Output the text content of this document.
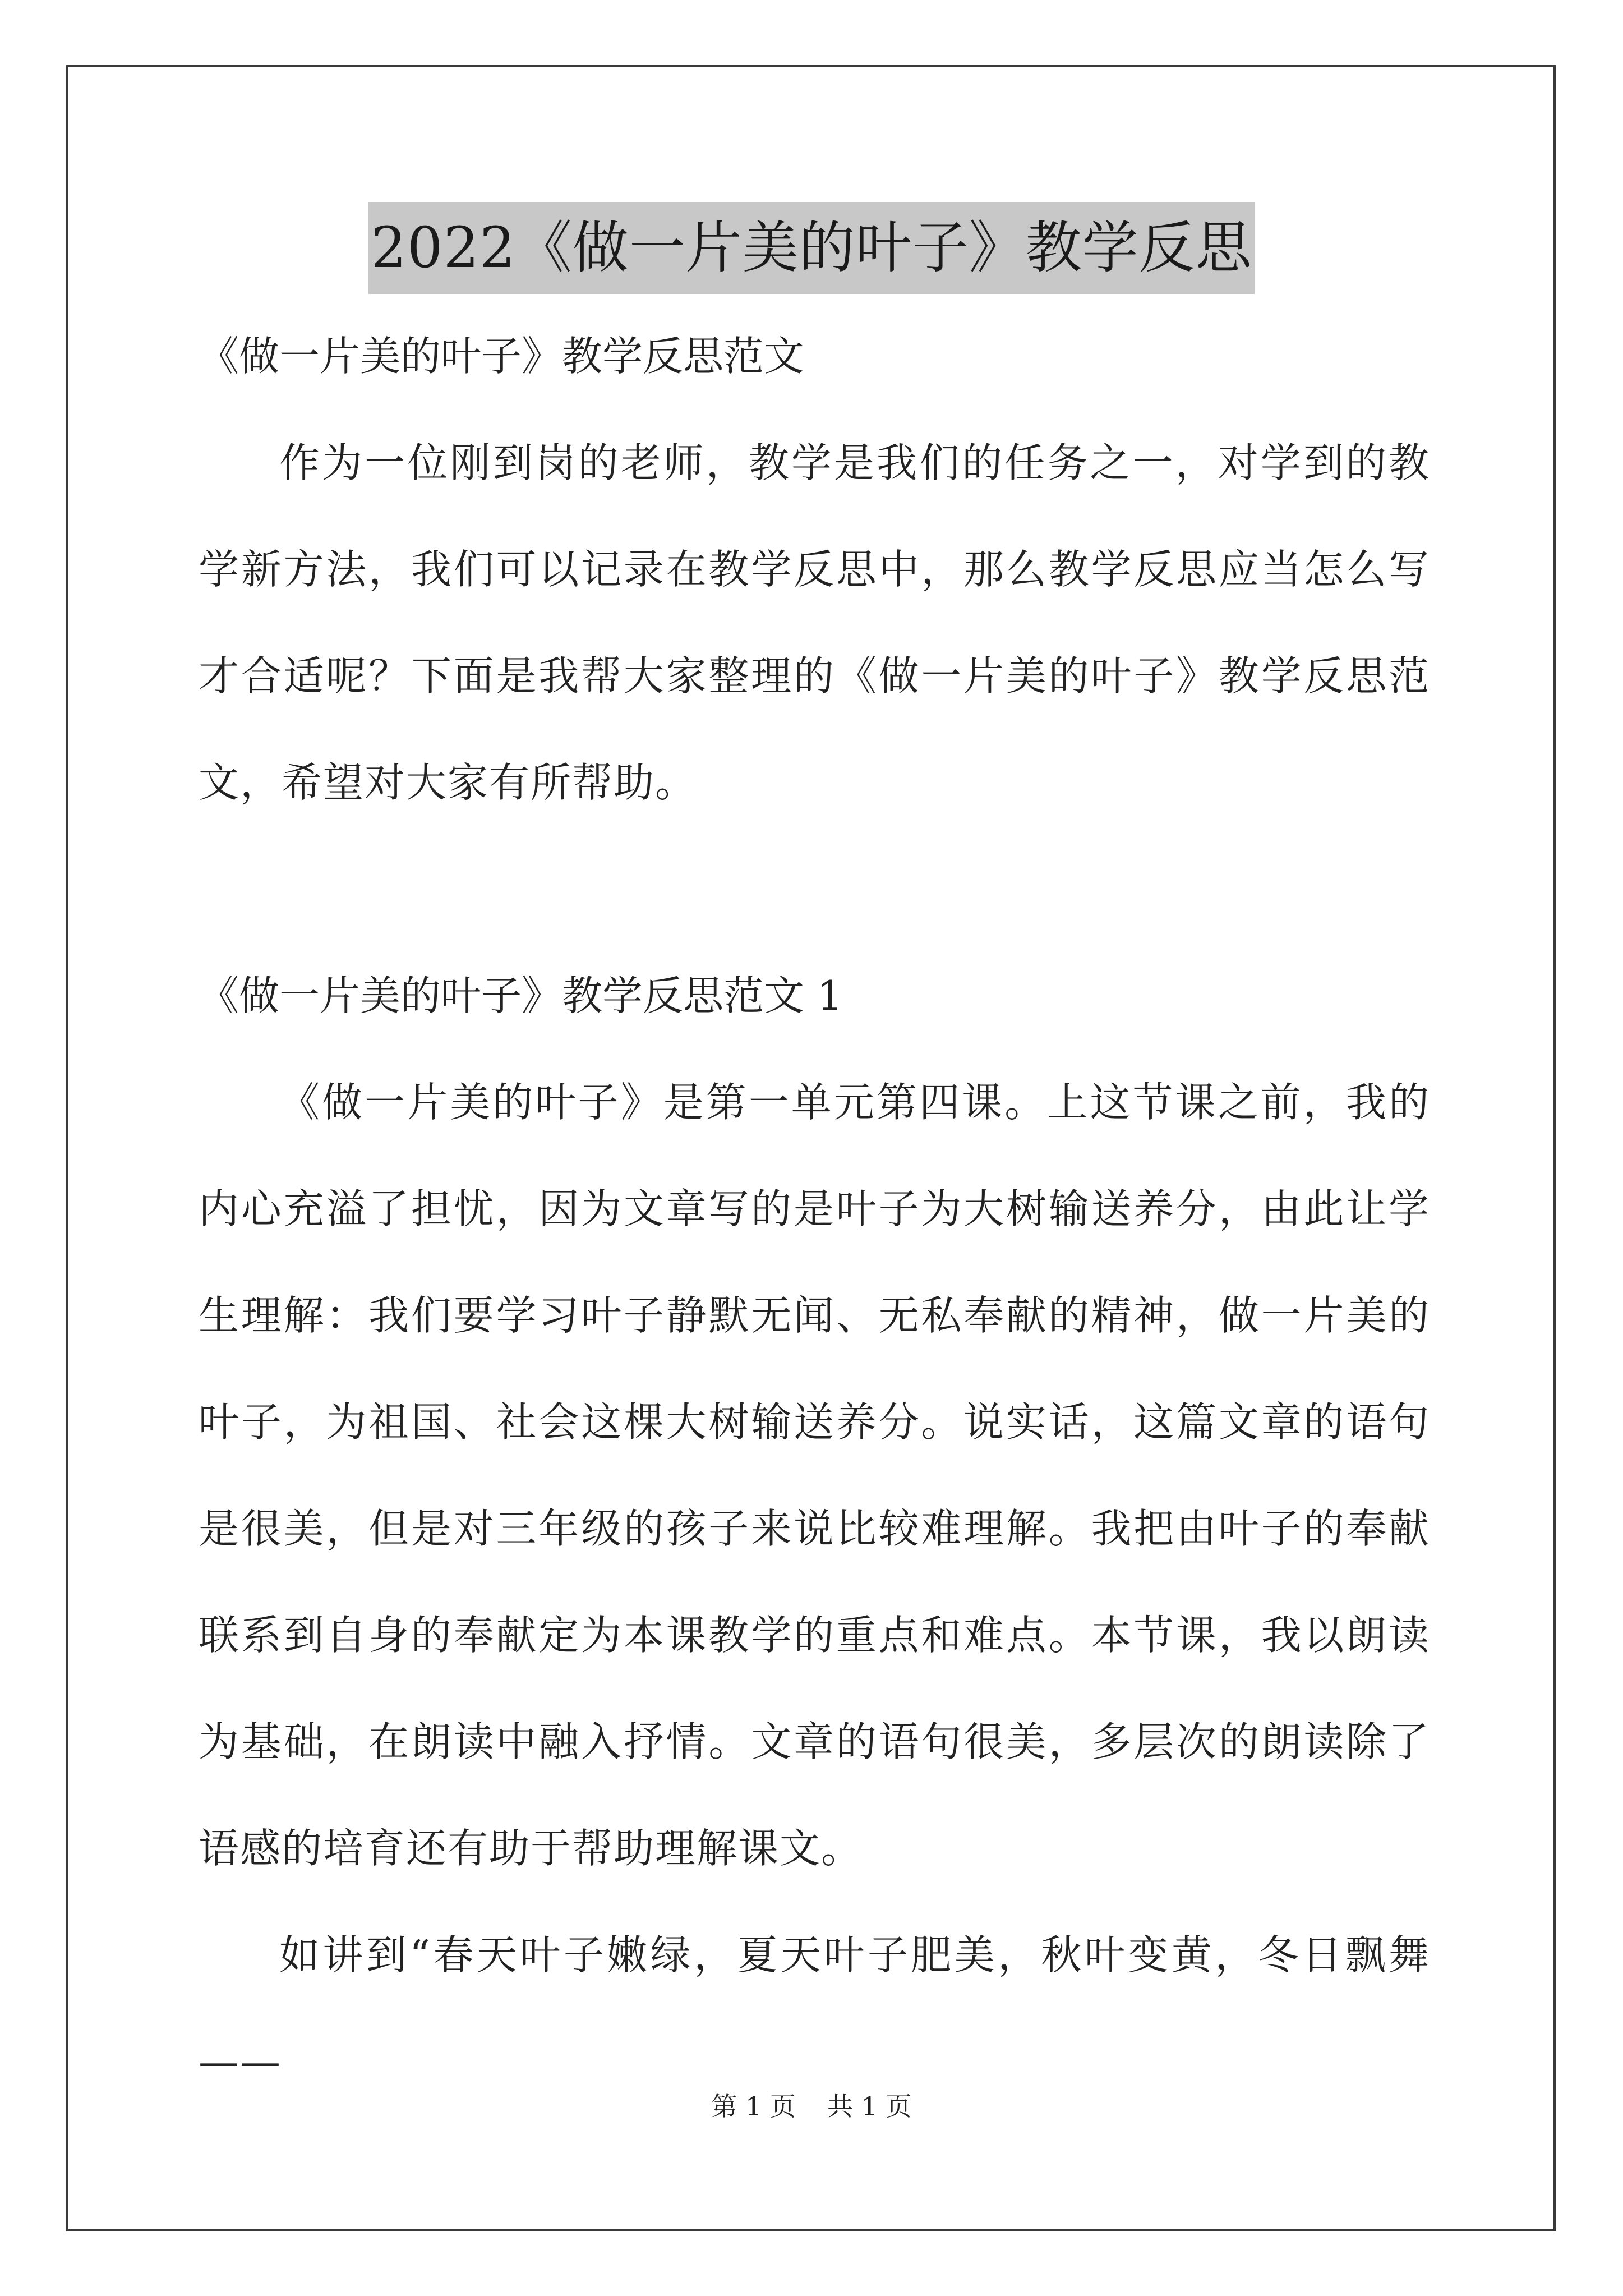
2022《做一片美的叶子》教学反思

《做一片美的叶子》教学反思范文

作为一位刚到岗的老师，教学是我们的任务之一，对学到的教学新方法，我们可以记录在教学反思中，那么教学反思应当怎么写才合适呢？下面是我帮大家整理的《做一片美的叶子》教学反思范文，希望对大家有所帮助。

《做一片美的叶子》教学反思范文 1

《做一片美的叶子》是第一单元第四课。上这节课之前，我的内心充溢了担忧，因为文章写的是叶子为大树输送养分，由此让学生理解：我们要学习叶子静默无闻、无私奉献的精神，做一片美的叶子，为祖国、社会这棵大树输送养分。说实话，这篇文章的语句是很美，但是对三年级的孩子来说比较难理解。我把由叶子的奉献联系到自身的奉献定为本课教学的重点和难点。本节课，我以朗读为基础，在朗读中融入抒情。文章的语句很美，多层次的朗读除了语感的培育还有助于帮助理解课文。

如讲到“春天叶子嫩绿，夏天叶子肥美，秋叶变黄，冬日飘舞——

第 1 页 共 1 页
